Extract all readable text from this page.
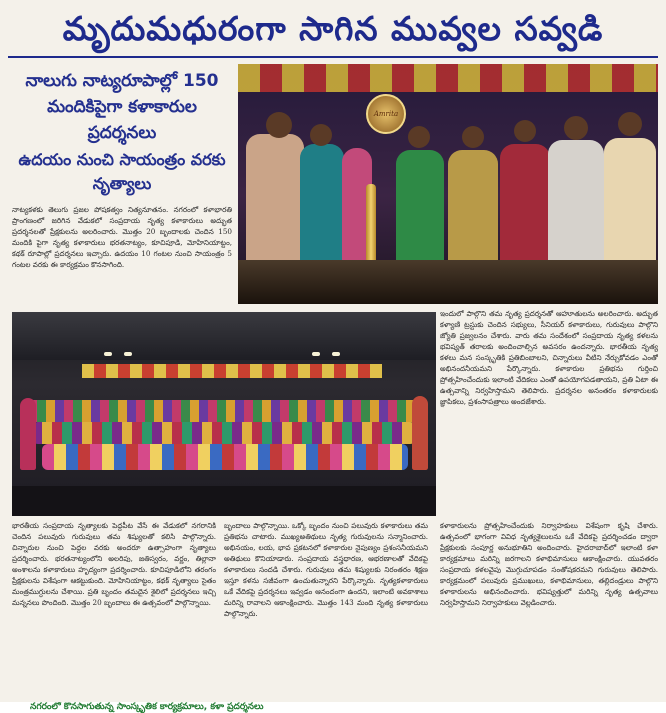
మృదుమధురంగా సాగిన మువ్వల సవ్వడి
నాలుగు నాట్యరూపాల్లో 150 మందికిపైగా కళాకారుల ప్రదర్శనలు
ఉదయం నుంచి సాయంత్రం వరకు నృత్యాలు
నాట్యకళకు తెలుగు ప్రజల పోషకత్వం నిత్యనూతనం. నగరంలో కళాభారతి ప్రాంగణంలో జరిగిన వేడుకలో సంప్రదాయ నృత్య కళాకారులు అద్భుత ప్రదర్శనలతో ప్రేక్షకులను అలరించారు. మొత్తం 20 బృందాలకు చెందిన 150 మందికి పైగా నృత్య కళాకారులు భరతనాట్యం, కూచిపూడి, మోహినియాట్టం, కథక్ రూపాల్లో ప్రదర్శనలు ఇచ్చారు. ఉదయం 10 గంటల నుంచి సాయంత్రం 5 గంటల వరకు ఈ కార్యక్రమం కొనసాగింది.
Amrita
ఇందులో పాల్గొని తమ నృత్య ప్రదర్శనతో ఆహూతులను అలరించారు. అద్భుత కళ్యాణి ట్రస్టుకు చెందిన సభ్యులు, సీనియర్ కళాకారులు, గురువులు పాల్గొని జ్యోతి ప్రజ్వలనం చేశారు. వారు తమ సందేశంలో సంప్రదాయ నృత్య కళలను భవిష్యత్ తరాలకు అందించాల్సిన అవసరం ఉందన్నారు. భారతీయ నృత్య కళలు మన సంస్కృతికి ప్రతిబింబాలని, చిన్నారులు వీటిని నేర్చుకోవడం ఎంతో అభినందనీయమని పేర్కొన్నారు. కళాకారుల ప్రతిభను గుర్తించి ప్రోత్సహించేందుకు ఇలాంటి వేదికలు ఎంతో ఉపయోగపడతాయని, ప్రతి ఏటా ఈ ఉత్సవాన్ని నిర్వహిస్తామని తెలిపారు. ప్రదర్శనల అనంతరం కళాకారులకు జ్ఞాపికలు, ప్రశంసాపత్రాలు అందజేశారు.
భారతీయ సంప్రదాయ నృత్యాలకు పెద్దపీట వేసే ఈ వేడుకలో నగరానికి చెందిన పలువురు గురువులు తమ శిష్యులతో కలిసి పాల్గొన్నారు. చిన్నారుల నుంచి పెద్దల వరకు అందరూ ఉత్సాహంగా నృత్యాలు ప్రదర్శించారు. భరతనాట్యంలోని అలరిపు, జతిస్వరం, వర్ణం, తిల్లానా అంశాలను కళాకారులు హృద్యంగా ప్రదర్శించారు. కూచిపూడిలోని తరంగం ప్రేక్షకులను విశేషంగా ఆకట్టుకుంది. మోహినియాట్టం, కథక్ నృత్యాలు సైతం మంత్రముగ్ధులను చేశాయి. ప్రతి బృందం తమదైన శైలిలో ప్రదర్శనలు ఇచ్చి మన్ననలు పొందింది. మొత్తం 20 బృందాలు ఈ ఉత్సవంలో పాల్గొన్నాయి.
బృందాలు పాల్గొన్నాయి. ఒక్కో బృందం నుంచి పలువురు కళాకారులు తమ ప్రతిభను చాటారు. ముఖ్యఅతిథులు నృత్య గురువులను సన్మానించారు. అభినయం, లయ, భావ ప్రకటనలో కళాకారుల నైపుణ్యం ప్రశంసనీయమని అతిథులు కొనియాడారు. సంప్రదాయ వస్త్రధారణ, ఆభరణాలతో వేదికపై కళాకారులు సందడి చేశారు. గురువులు తమ శిష్యులకు నిరంతరం శిక్షణ ఇస్తూ కళను సజీవంగా ఉంచుతున్నారని పేర్కొన్నారు. నృత్యకళాకారులు ఒకే వేదికపై ప్రదర్శనలు ఇవ్వడం ఆనందంగా ఉందని, ఇలాంటి అవకాశాలు మరిన్ని రావాలని ఆకాంక్షించారు. మొత్తం 143 మంది నృత్య కళాకారులు పాల్గొన్నారు.
కళాకారులను ప్రోత్సహించేందుకు నిర్వాహకులు విశేషంగా కృషి చేశారు. ఉత్సవంలో భాగంగా వివిధ నృత్యశైలులను ఒకే వేదికపై ప్రదర్శించడం ద్వారా ప్రేక్షకులకు సంపూర్ణ అనుభూతిని అందించారు. హైదరాబాద్‌లో ఇలాంటి కళా కార్యక్రమాలు మరిన్ని జరగాలని కళాభిమానులు ఆకాంక్షించారు. యువతరం సంప్రదాయ కళలవైపు మొగ్గుచూపడం సంతోషకరమని గురువులు తెలిపారు. కార్యక్రమంలో పలువురు ప్రముఖులు, కళాభిమానులు, తల్లిదండ్రులు పాల్గొని కళాకారులను అభినందించారు. భవిష్యత్తులో మరిన్ని నృత్య ఉత్సవాలు నిర్వహిస్తామని నిర్వాహకులు వెల్లడించారు.
నగరంలో కొనసాగుతున్న సాంస్కృతిక కార్యక్రమాలు, కళా ప్రదర్శనలు
